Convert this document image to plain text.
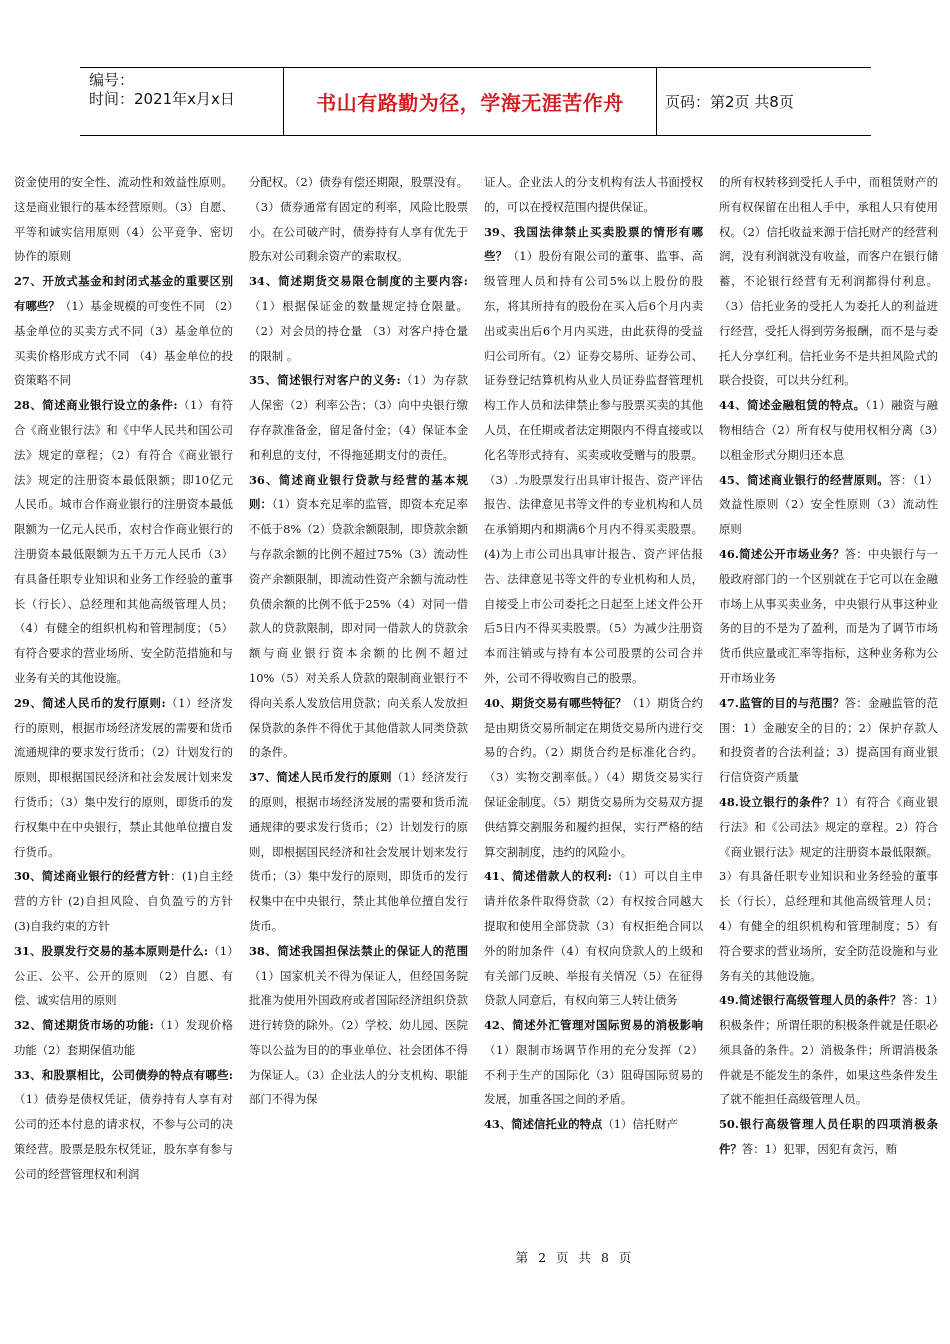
编号：
时间：2021年x月x日	书山有路勤为径，学海无涯苦作舟	页码：第2页 共8页

资金使用的安全性、流动性和效益性原则。这是商业银行的基本经营原则。（3）自愿、平等和诚实信用原则（4）公平竞争、密切协作的原则

27、开放式基金和封闭式基金的重要区别有哪些？（1）基金规模的可变性不同 （2）基金单位的买卖方式不同（3）基金单位的买卖价格形成方式不同 （4）基金单位的投资策略不同

28、简述商业银行设立的条件:（1）有符合《商业银行法》和《中华人民共和国公司法》规定的章程；（2）有符合《商业银行法》规定的注册资本最低限额；即10亿元人民币。城市合作商业银行的注册资本最低限额为一亿元人民币，农村合作商业银行的注册资本最低限额为五千万元人民币（3）有具备任职专业知识和业务工作经验的董事长（行长）、总经理和其他高级管理人员；（4）有健全的组织机构和管理制度；（5）有符合要求的营业场所、安全防范措施和与业务有关的其他设施。

29、简述人民币的发行原则:（1）经济发行的原则，根据市场经济发展的需要和货币流通规律的要求发行货币；（2）计划发行的原则，即根据国民经济和社会发展计划来发行货币；（3）集中发行的原则，即货币的发行权集中在中央银行，禁止其他单位擅自发行货币。

30、简述商业银行的经营方针：(1)自主经营的方针 (2)自担风险、自负盈亏的方针 (3)自我约束的方针

31、股票发行交易的基本原则是什么:（1）公正、公平、公开的原则 （2）自愿、有偿、诚实信用的原则

32、简述期货市场的功能:（1）发现价格功能（2）套期保值功能

33、和股票相比，公司债券的特点有哪些:（1）债券是债权凭证，债券持有人享有对公司的还本付息的请求权，不参与公司的决策经营。股票是股东权凭证，股东享有参与公司的经营管理权和利润

分配权。（2）债券有偿还期限，股票没有。（3）债券通常有固定的利率，风险比股票小。在公司破产时，债券持有人享有优先于股东对公司剩余资产的索取权。

34、简述期货交易限仓制度的主要内容:（1）根据保证金的数量规定持仓限量。（2）对会员的持仓量 （3）对客户持仓量的限制 。

35、简述银行对客户的义务:（1）为存款人保密（2）利率公告；（3）向中央银行缴存存款准备金，留足备付金；（4）保证本金和利息的支付，不得拖延期支付的责任。

36、简述商业银行贷款与经营的基本规则：（1）资本充足率的监管，即资本充足率不低于8%（2）贷款余额限制，即贷款余额与存款余额的比例不超过75%（3）流动性资产余额限制，即流动性资产余额与流动性负债余额的比例不低于25%（4）对同一借款人的贷款限制，即对同一借款人的贷款余额与商业银行资本余额的比例不超过10%（5）对关系人贷款的限制商业银行不得向关系人发放信用贷款；向关系人发放担保贷款的条件不得优于其他借款人同类贷款的条件。

37、简述人民币发行的原则（1）经济发行的原则，根据市场经济发展的需要和货币流通规律的要求发行货币；（2）计划发行的原则，即根据国民经济和社会发展计划来发行货币；（3）集中发行的原则，即货币的发行权集中在中央银行，禁止其他单位擅自发行货币。

38、简述我国担保法禁止的保证人的范围（1）国家机关不得为保证人，但经国务院批准为使用外国政府或者国际经济组织贷款进行转贷的除外。（2）学校、幼儿园、医院等以公益为目的的事业单位、社会团体不得为保证人。（3）企业法人的分支机构、职能部门不得为保

证人。企业法人的分支机构有法人书面授权的，可以在授权范围内提供保证。

39、我国法律禁止买卖股票的情形有哪些？（1）股份有限公司的董事、监事、高级管理人员和持有公司5%以上股份的股东，将其所持有的股份在买入后6个月内卖出或卖出后6个月内买进，由此获得的受益归公司所有。（2）证券交易所、证券公司、证券登记结算机构从业人员证券监督管理机构工作人员和法律禁止参与股票买卖的其他人员，在任期或者法定期限内不得直接或以化名等形式持有、买卖或收受赠与的股票。（3）.为股票发行出具审计报告、资产评估报告、法律意见书等文件的专业机构和人员在承销期内和期满6个月内不得买卖股票。(4)为上市公司出具审计报告、资产评估报告、法律意见书等文件的专业机构和人员，自接受上市公司委托之日起至上述文件公开后5日内不得买卖股票。（5）为减少注册资本而注销或与持有本公司股票的公司合并外，公司不得收购自己的股票。

40、期货交易有哪些特征？（1）期货合约是由期货交易所制定在期货交易所内进行交易的合约。（2）期货合约是标准化合约。（3）实物交割率低。）（4）期货交易实行保证金制度。（5）期货交易所为交易双方提供结算交割服务和履约担保，实行严格的结算交割制度，违约的风险小。

41、简述借款人的权利:（1）可以自主申请并依条件取得贷款（2）有权按合同越大提取和使用全部贷款（3）有权拒绝合同以外的附加条件（4）有权向贷款人的上级和有关部门反映、举报有关情况（5）在征得贷款人同意后，有权向第三人转让债务

42、简述外汇管理对国际贸易的消极影响（1）限制市场调节作用的充分发挥（2）不利于生产的国际化（3）阻碍国际贸易的发展，加重各国之间的矛盾。

43、简述信托业的特点（1）信托财产

的所有权转移到受托人手中，而租赁财产的所有权保留在出租人手中，承租人只有使用权。（2）信托收益来源于信托财产的经营利润，没有利润就没有收益，而客户在银行储蓄，不论银行经营有无利润都得付利息。（3）信托业务的受托人为委托人的利益进行经营，受托人得到劳务报酬，而不是与委托人分享红利。信托业务不是共担风险式的联合投资，可以共分红利。

44、简述金融租赁的特点。（1）融资与融物相结合（2）所有权与使用权相分离（3）以租金形式分期归还本息

45、简述商业银行的经营原则。答：（1）效益性原则（2）安全性原则（3）流动性原则

46.简述公开市场业务？答：中央银行与一般政府部门的一个区别就在于它可以在金融市场上从事买卖业务，中央银行从事这种业务的目的不是为了盈利，而是为了调节市场货币供应量或汇率等指标，这种业务称为公开市场业务

47.监管的目的与范围？答：金融监管的范围：1）金融安全的目的；2）保护存款人和投资者的合法利益；3）提高国有商业银行信贷资产质量

48.设立银行的条件？1）有符合《商业银行法》和《公司法》规定的章程。2）符合《商业银行法》规定的注册资本最低限额。3）有具备任职专业知识和业务经验的董事长（行长），总经理和其他高级管理人员；4）有健全的组织机构和管理制度；5）有符合要求的营业场所，安全防范设施和与业务有关的其他设施。

49.简述银行高级管理人员的条件？答：1）积极条件；所谓任职的积极条件就是任职必须具备的条件。2）消极条件；所谓消极条件就是不能发生的条件，如果这些条件发生了就不能担任高级管理人员。

50.银行高级管理人员任职的四项消极条件？答：1）犯罪，因犯有贪污，贿

第 2 页 共 8 页
